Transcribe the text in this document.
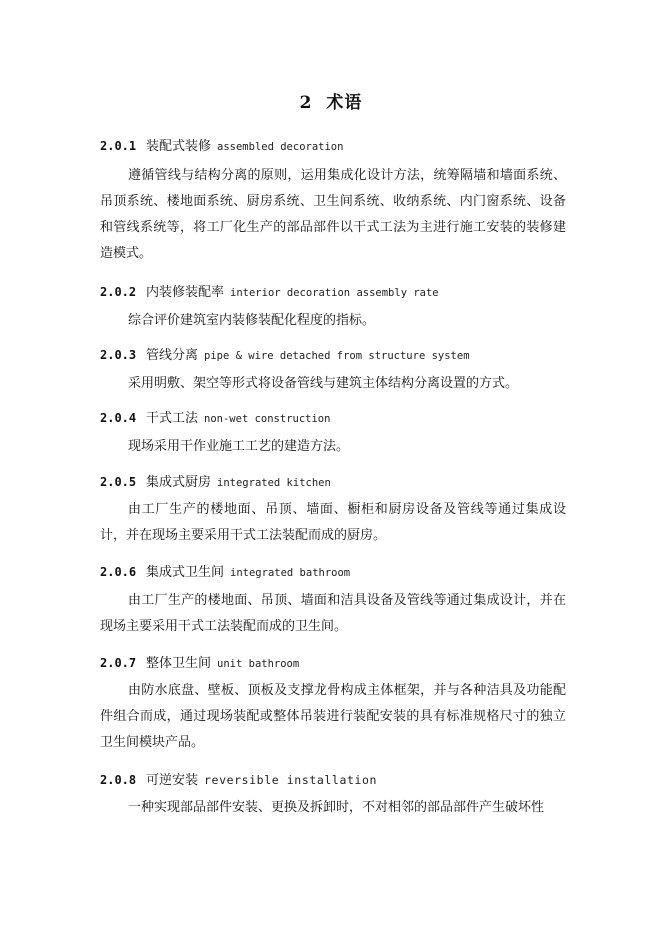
2 术语
2.0.1 装配式装修 assembled decoration
遵循管线与结构分离的原则，运用集成化设计方法，统筹隔墙和墙面系统、吊顶系统、楼地面系统、厨房系统、卫生间系统、收纳系统、内门窗系统、设备和管线系统等，将工厂化生产的部品部件以干式工法为主进行施工安装的装修建造模式。
2.0.2 内装修装配率 interior decoration assembly rate
综合评价建筑室内装修装配化程度的指标。
2.0.3 管线分离 pipe & wire detached from structure system
采用明敷、架空等形式将设备管线与建筑主体结构分离设置的方式。
2.0.4 干式工法 non-wet construction
现场采用干作业施工工艺的建造方法。
2.0.5 集成式厨房 integrated kitchen
由工厂生产的楼地面、吊顶、墙面、橱柜和厨房设备及管线等通过集成设计，并在现场主要采用干式工法装配而成的厨房。
2.0.6 集成式卫生间 integrated bathroom
由工厂生产的楼地面、吊顶、墙面和洁具设备及管线等通过集成设计，并在现场主要采用干式工法装配而成的卫生间。
2.0.7 整体卫生间 unit bathroom
由防水底盘、壁板、顶板及支撑龙骨构成主体框架，并与各种洁具及功能配件组合而成，通过现场装配或整体吊装进行装配安装的具有标准规格尺寸的独立卫生间模块产品。
2.0.8 可逆安装 reversible installation
一种实现部品部件安装、更换及拆卸时，不对相邻的部品部件产生破坏性
